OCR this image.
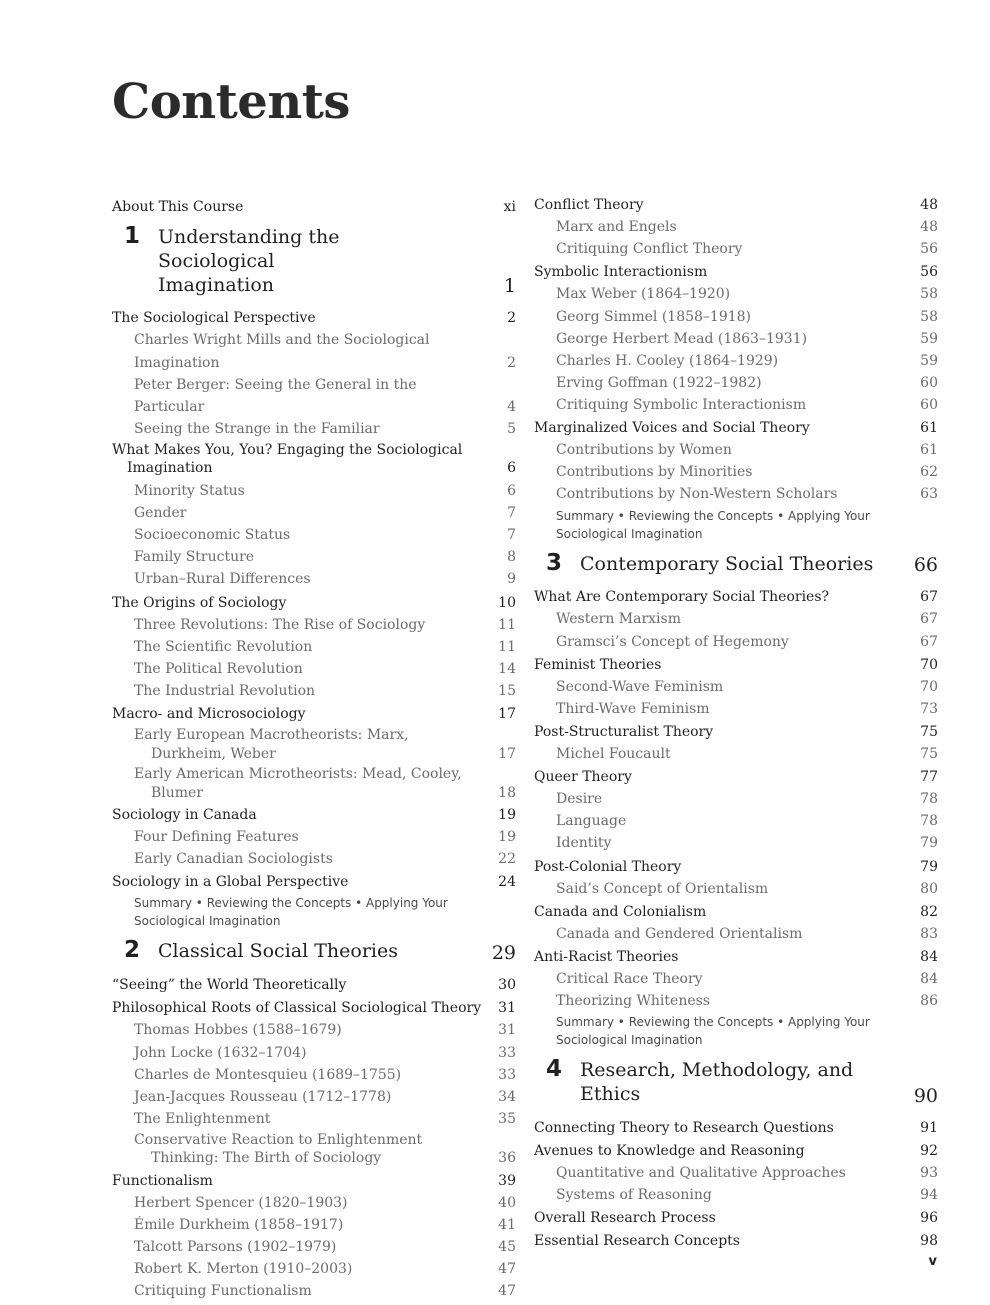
Contents
About This Course	xi
1 Understanding the Sociological
Imagination	1
The Sociological Perspective	2
Charles Wright Mills and the Sociological Imagination	2
Peter Berger: Seeing the General in the Particular	4
Seeing the Strange in the Familiar	5
What Makes You, You? Engaging the Sociological Imagination	6
Minority Status	6
Gender	7
Socioeconomic Status	7
Family Structure	8
Urban–Rural Differences	9
The Origins of Sociology	10
Three Revolutions: The Rise of Sociology	11
The Scientific Revolution	11
The Political Revolution	14
The Industrial Revolution	15
Macro- and Microsociology	17
Early European Macrotheorists: Marx, Durkheim, Weber	17
Early American Microtheorists: Mead, Cooley, Blumer	18
Sociology in Canada	19
Four Defining Features	19
Early Canadian Sociologists	22
Sociology in a Global Perspective	24
Summary • Reviewing the Concepts • Applying Your Sociological Imagination
2 Classical Social Theories	29
“Seeing” the World Theoretically	30
Philosophical Roots of Classical Sociological Theory 31
Thomas Hobbes (1588–1679)	31
John Locke (1632–1704)	33
Charles de Montesquieu (1689–1755)	33
Jean-Jacques Rousseau (1712–1778)	34
The Enlightenment	35
Conservative Reaction to Enlightenment Thinking: The Birth of Sociology	36
Functionalism	39
Herbert Spencer (1820–1903)	40
Émile Durkheim (1858–1917)	41
Talcott Parsons (1902–1979)	45
Robert K. Merton (1910–2003)	47
Critiquing Functionalism	47
Conflict Theory	48
Marx and Engels	48
Critiquing Conflict Theory	56
Symbolic Interactionism	56
Max Weber (1864–1920)	58
Georg Simmel (1858–1918)	58
George Herbert Mead (1863–1931)	59
Charles H. Cooley (1864–1929)	59
Erving Goffman (1922–1982)	60
Critiquing Symbolic Interactionism	60
Marginalized Voices and Social Theory	61
Contributions by Women	61
Contributions by Minorities	62
Contributions by Non-Western Scholars	63
Summary • Reviewing the Concepts • Applying Your Sociological Imagination
3 Contemporary Social Theories	66
What Are Contemporary Social Theories?	67
Western Marxism	67
Gramsci’s Concept of Hegemony	67
Feminist Theories	70
Second-Wave Feminism	70
Third-Wave Feminism	73
Post-Structuralist Theory	75
Michel Foucault	75
Queer Theory	77
Desire	78
Language	78
Identity	79
Post-Colonial Theory	79
Said’s Concept of Orientalism	80
Canada and Colonialism	82
Canada and Gendered Orientalism	83
Anti-Racist Theories	84
Critical Race Theory	84
Theorizing Whiteness	86
Summary • Reviewing the Concepts • Applying Your Sociological Imagination
4 Research, Methodology, and
Ethics	90
Connecting Theory to Research Questions	91
Avenues to Knowledge and Reasoning	92
Quantitative and Qualitative Approaches	93
Systems of Reasoning	94
Overall Research Process	96
Essential Research Concepts	98
v
